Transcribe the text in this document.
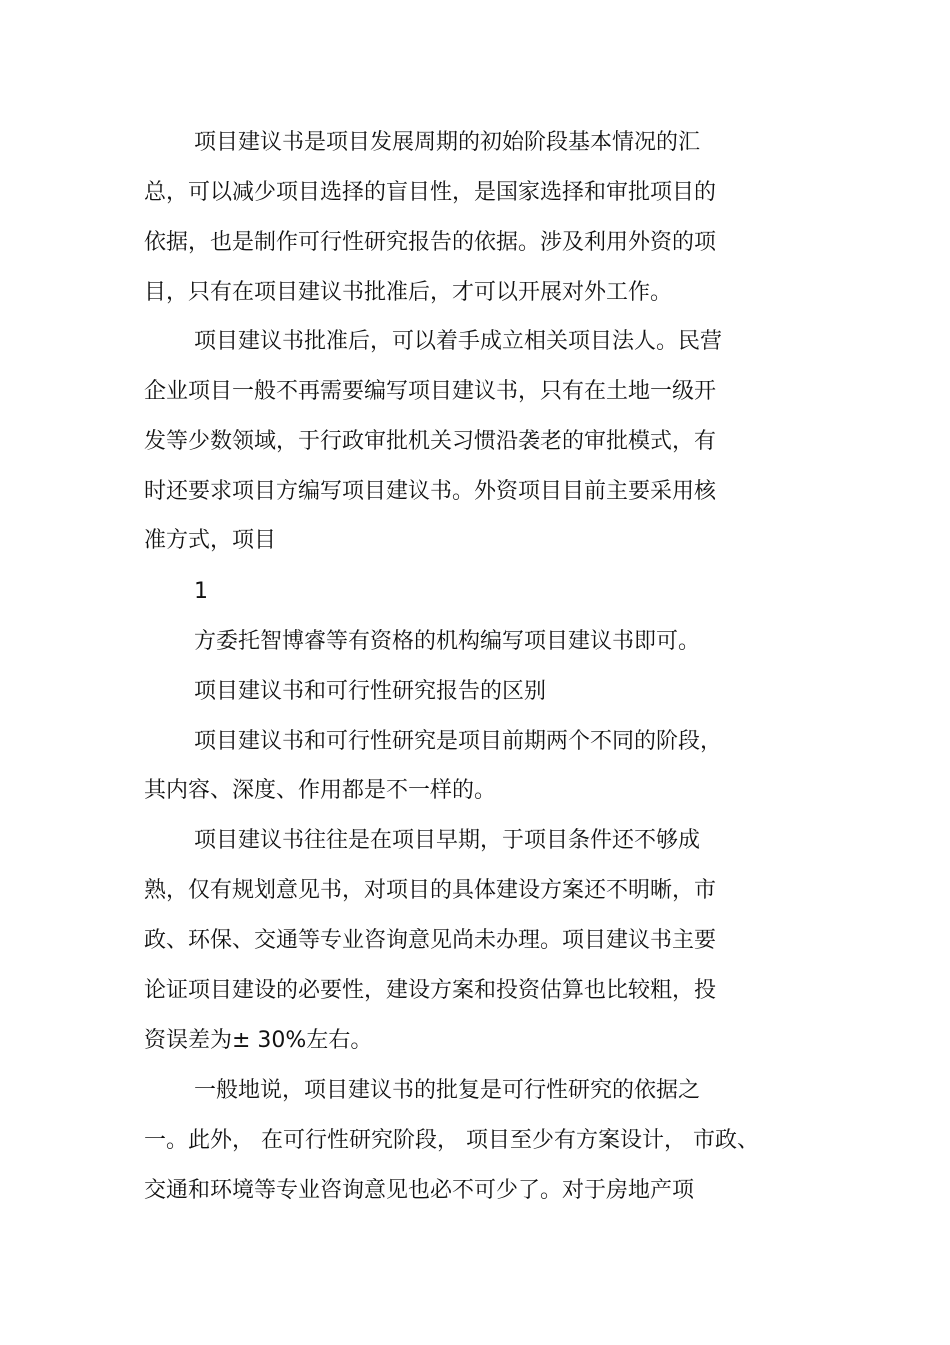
项目建议书是项目发展周期的初始阶段基本情况的汇
总，可以减少项目选择的盲目性，是国家选择和审批项目的
依据，也是制作可行性研究报告的依据。涉及利用外资的项
目，只有在项目建议书批准后，才可以开展对外工作。
项目建议书批准后，可以着手成立相关项目法人。民营
企业项目一般不再需要编写项目建议书，只有在土地一级开
发等少数领域，于行政审批机关习惯沿袭老的审批模式，有
时还要求项目方编写项目建议书。外资项目目前主要采用核
准方式，项目
1
方委托智博睿等有资格的机构编写项目建议书即可。
项目建议书和可行性研究报告的区别
项目建议书和可行性研究是项目前期两个不同的阶段，
其内容、深度、作用都是不一样的。
项目建议书往往是在项目早期，于项目条件还不够成
熟，仅有规划意见书，对项目的具体建设方案还不明晰，市
政、环保、交通等专业咨询意见尚未办理。项目建议书主要
论证项目建设的必要性，建设方案和投资估算也比较粗，投
资误差为± 30%左右。
一般地说，项目建议书的批复是可行性研究的依据之
一。此外， 在可行性研究阶段， 项目至少有方案设计， 市政、
交通和环境等专业咨询意见也必不可少了。对于房地产项
